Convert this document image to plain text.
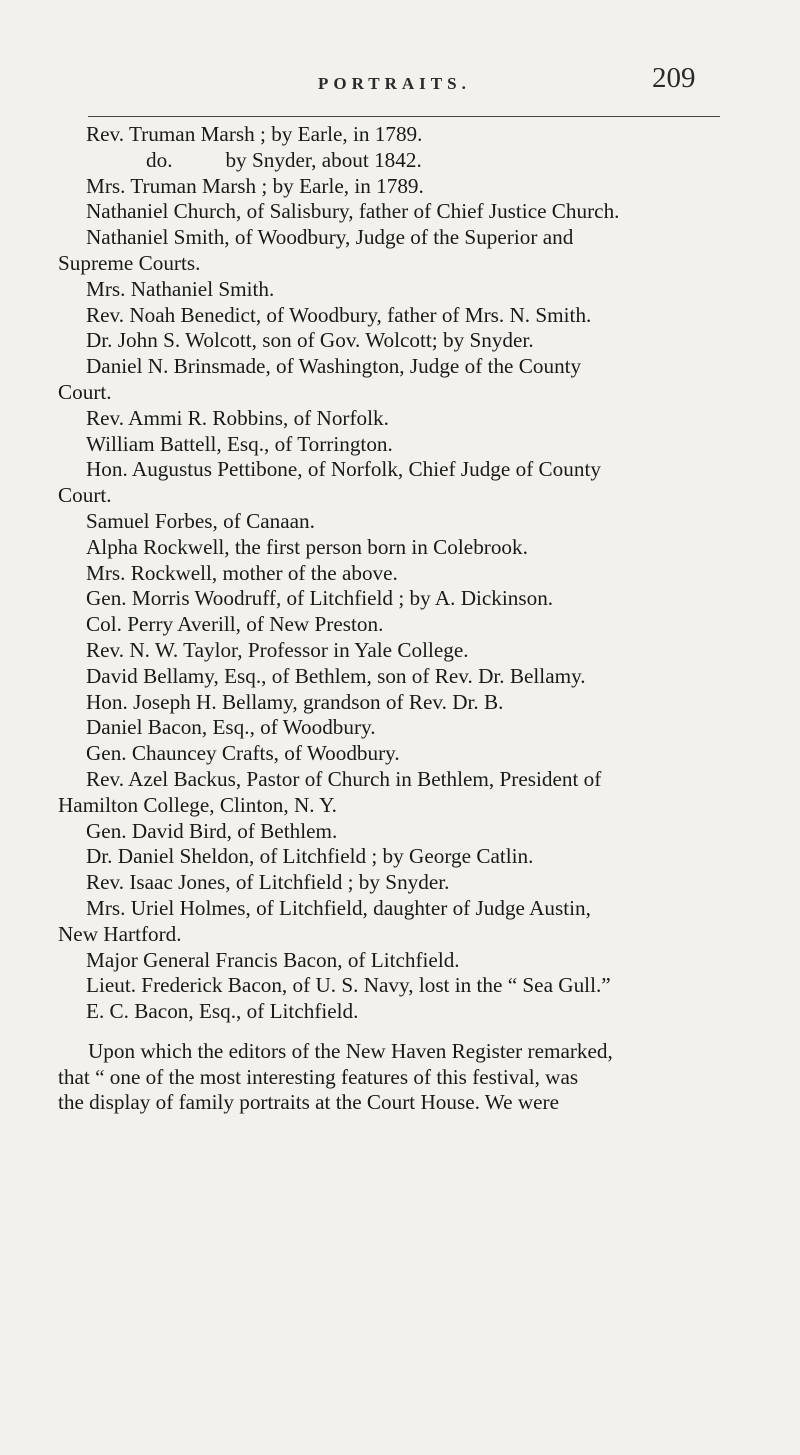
PORTRAITS.	209
Rev. Truman Marsh ; by Earle, in 1789.
do.          by Snyder, about 1842.
Mrs. Truman Marsh ; by Earle, in 1789.
Nathaniel Church, of Salisbury, father of Chief Justice Church.
Nathaniel Smith, of Woodbury, Judge of the Superior and
Supreme Courts.
Mrs. Nathaniel Smith.
Rev. Noah Benedict, of Woodbury, father of Mrs. N. Smith.
Dr. John S. Wolcott, son of Gov. Wolcott; by Snyder.
Daniel N. Brinsmade, of Washington, Judge of the County
Court.
Rev. Ammi R. Robbins, of Norfolk.
William Battell, Esq., of Torrington.
Hon. Augustus Pettibone, of Norfolk, Chief Judge of County
Court.
Samuel Forbes, of Canaan.
Alpha Rockwell, the first person born in Colebrook.
Mrs. Rockwell, mother of the above.
Gen. Morris Woodruff, of Litchfield ; by A. Dickinson.
Col. Perry Averill, of New Preston.
Rev. N. W. Taylor, Professor in Yale College.
David Bellamy, Esq., of Bethlem, son of Rev. Dr. Bellamy.
Hon. Joseph H. Bellamy, grandson of Rev. Dr. B.
Daniel Bacon, Esq., of Woodbury.
Gen. Chauncey Crafts, of Woodbury.
Rev. Azel Backus, Pastor of Church in Bethlem, President of
Hamilton College, Clinton, N. Y.
Gen. David Bird, of Bethlem.
Dr. Daniel Sheldon, of Litchfield ; by George Catlin.
Rev. Isaac Jones, of Litchfield ; by Snyder.
Mrs. Uriel Holmes, of Litchfield, daughter of Judge Austin,
New Hartford.
Major General Francis Bacon, of Litchfield.
Lieut. Frederick Bacon, of U. S. Navy, lost in the “ Sea Gull.”
E. C. Bacon, Esq., of Litchfield.
Upon which the editors of the New Haven Register remarked,
that “ one of the most interesting features of this festival, was
the display of family portraits at the Court House. We were
